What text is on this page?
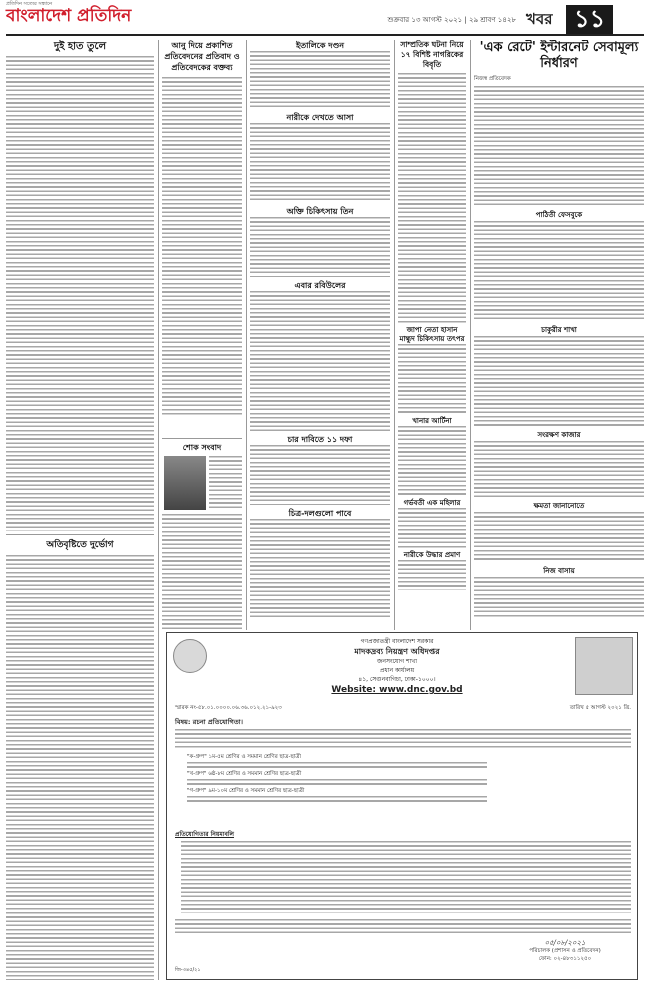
প্রতিদিন সত্যের সন্ধানে
বাংলাদেশ প্রতিদিন	শুক্রবার ১৩ আগস্ট ২০২১ | ২৯ শ্রাবণ ১৪২৮ খবর ১১
দুই হাত তুলে
অতিবৃষ্টিতে দুর্ভোগ
আনু দিয়ে প্রকাশিত প্রতিবেদনের প্রতিবাদ ও প্রতিবেদকের বক্তব্য
শোক সংবাদ
ইতালিকে দণ্ডন
নারীকে দেখতে আসা
অক্তি চিকিৎসায় তিন
এবার রবিউলের
চার দাবিতে ১১ দফা
চিত্র-দলগুলো পাবে
সাম্প্রতিক ঘটনা নিয়ে ১৭ বিশিষ্ট নাগরিকের বিবৃতি
জাপা নেতা হাসান মাহ্মুদ চিকিৎসায় তৎপর
খানার আর্টিনা
গর্ভবতী এক মহিলার
নারীকে উদ্ধার প্রমাণ
'এক রেটে' ইন্টারনেট সেবামূল্য নির্ধারণ
নিজস্ব প্রতিবেদক
পাঠিতী ফেসবুকে
চাকুরীর শাখা
সংরক্ষণ কাজার
ক্ষমতা জানানোতে
নিজ বাসায়
গণপ্রজাতন্ত্রী বাংলাদেশ সরকার
মাদকদ্রব্য নিয়ন্ত্রণ অধিদপ্তর
জনসংযোগ শাখা
প্রধান কার্যালয়
৪১, সেগুনবাগিচা, ঢাকা-১০০০।
Website: www.dnc.gov.bd
স্মারক নং-৫৮.০১.০০০০.০৬.৩৬.০১২.২১-৯২৩	তারিখ ৫ আগস্ট ২০২১ খ্রি.
বিষয়: রচনা প্রতিযোগিতা।
"ক-গ্রুপ" ১ম-৫ম শ্রেণির ও সমমান শ্রেণির ছাত্র-ছাত্রী
"খ-গ্রুপ" ৬ষ্ঠ-৮ম শ্রেণির ও সমমান শ্রেণির ছাত্র-ছাত্রী
"গ-গ্রুপ" ৯ম-১০ম শ্রেণির ও সমমান শ্রেণির ছাত্র-ছাত্রী
প্রতিযোগিতার নিয়মাবলি
০৫/০৮/২০২১
পরিচালক (প্রশাসন ও প্রতিবেদন)
ফোন: ০২-৪৮৩১১২৫০
জি-৩৪৫/২১
